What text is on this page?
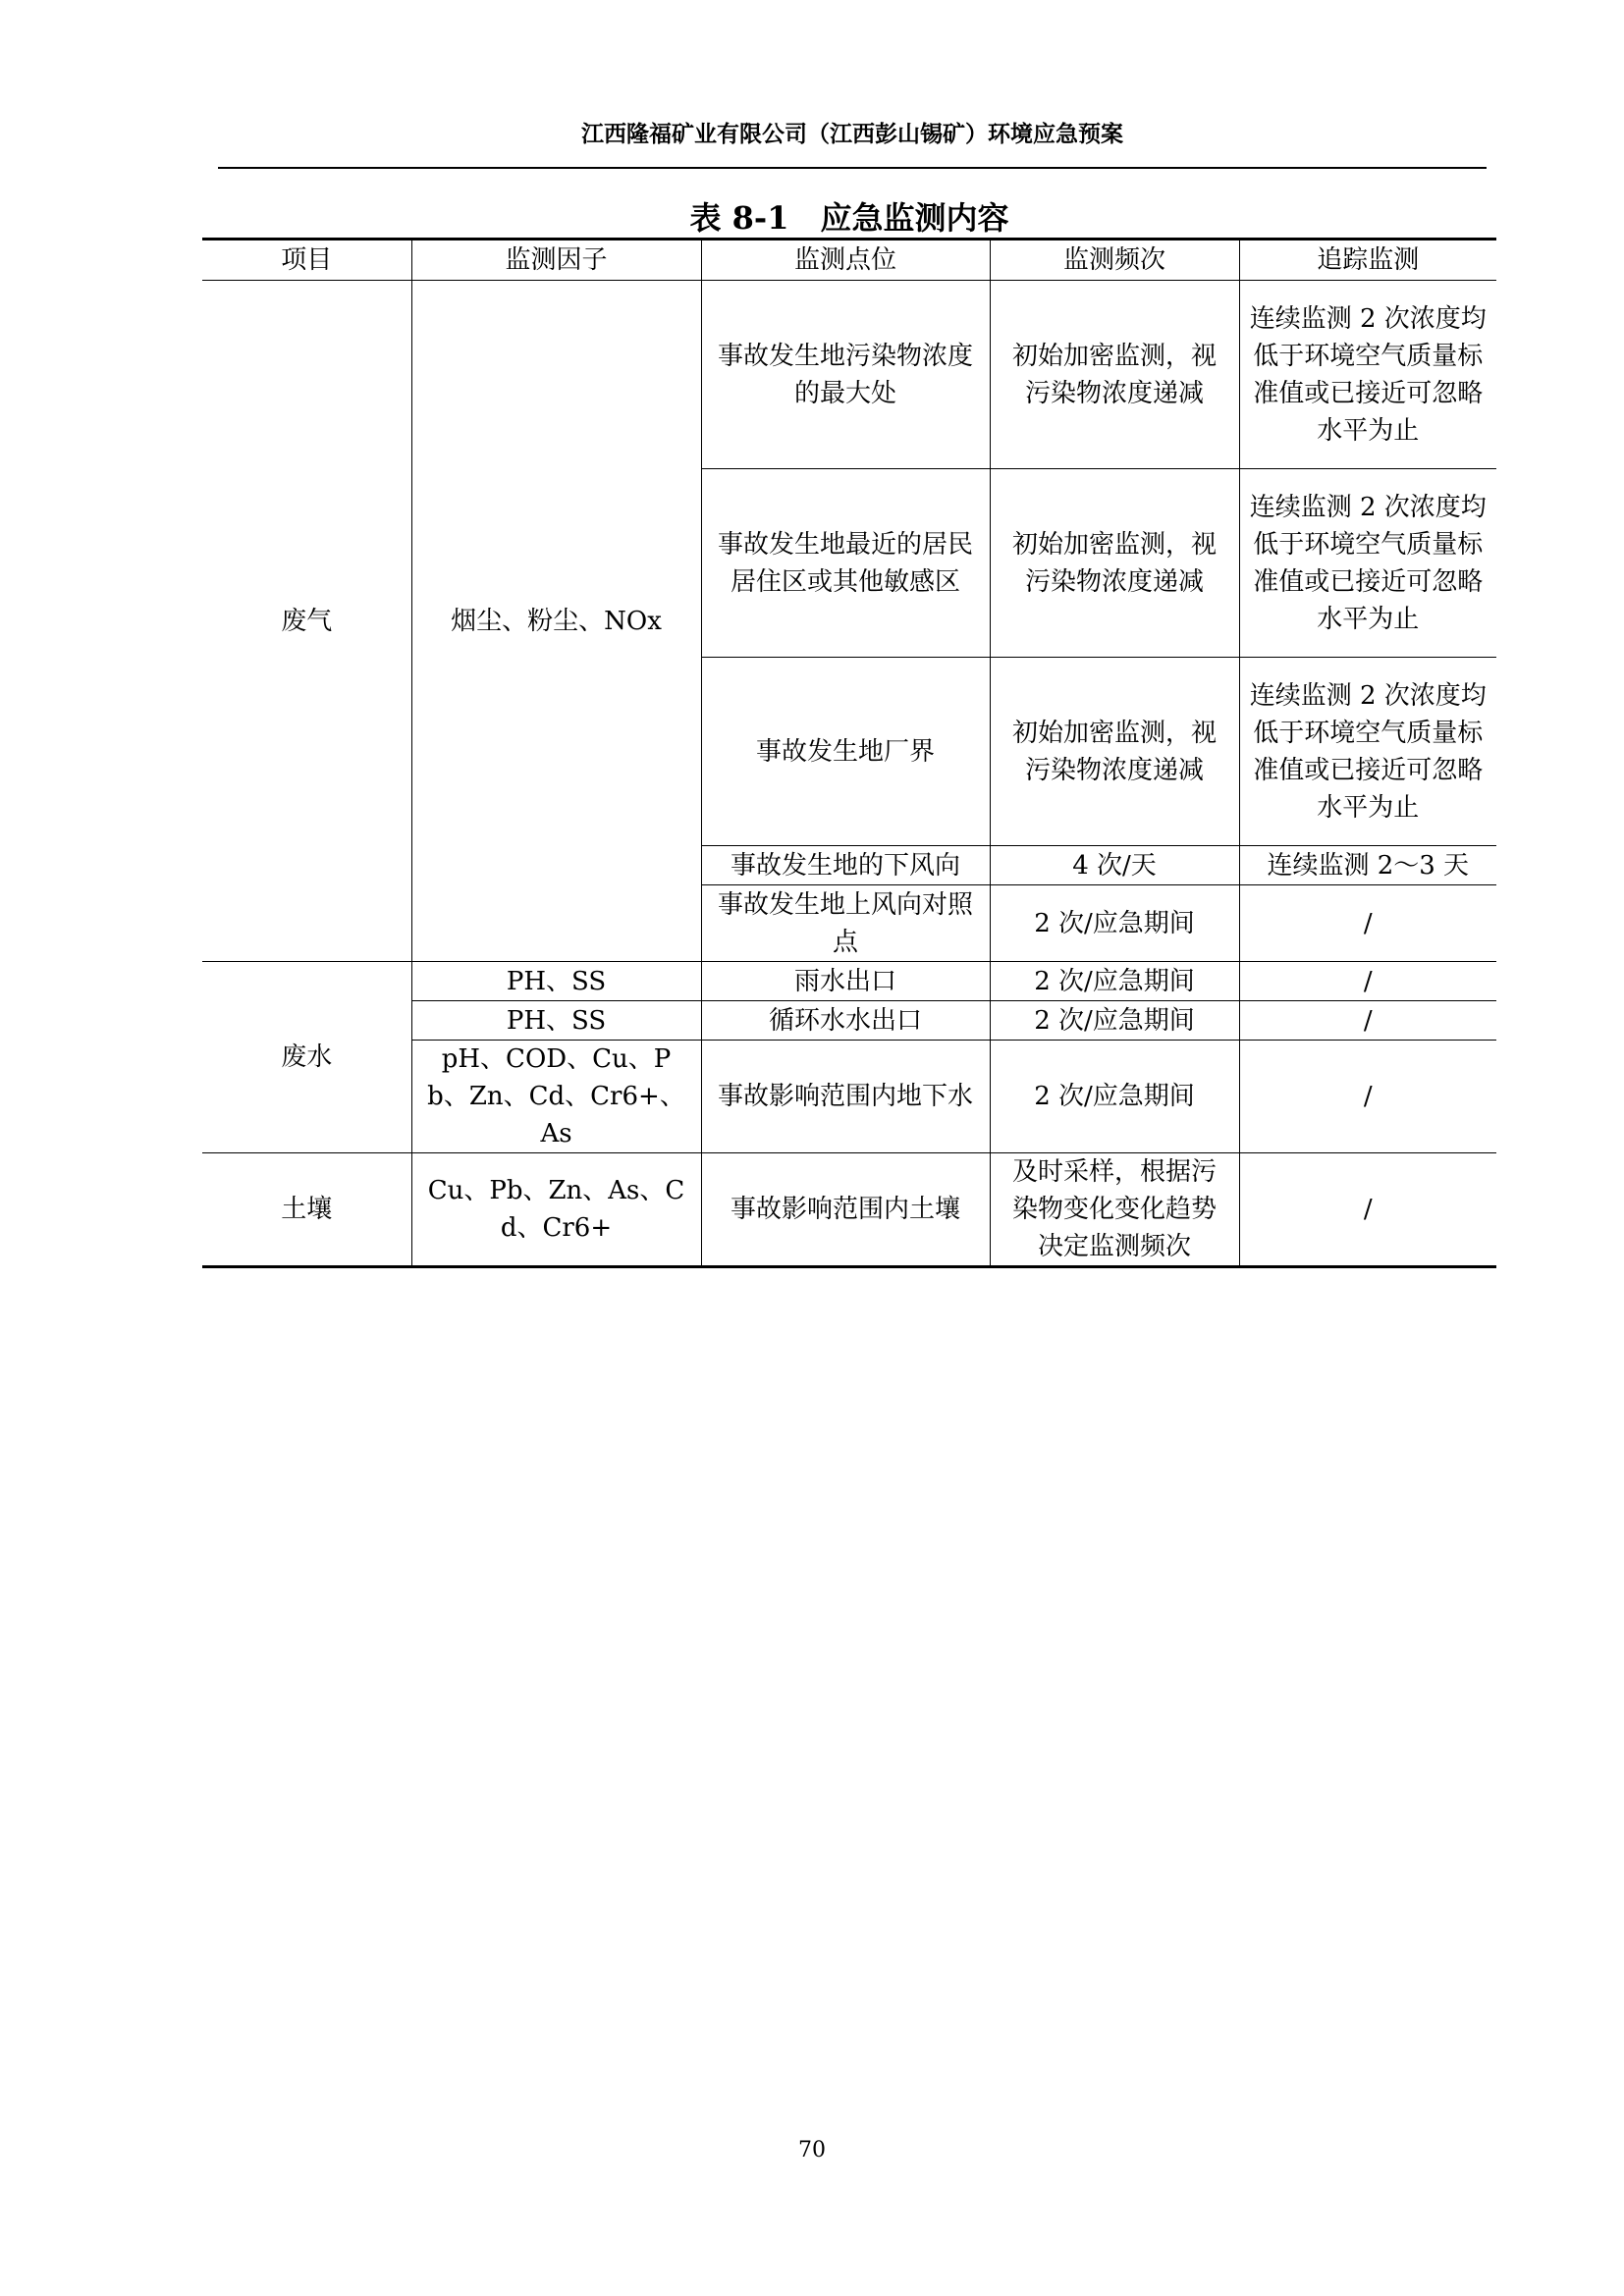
江西隆福矿业有限公司（江西彭山锡矿）环境应急预案
表 8-1　应急监测内容
项目	监测因子	监测点位	监测频次	追踪监测
废气	烟尘、粉尘、NOx	事故发生地污染物浓度的最大处	初始加密监测，视污染物浓度递减	连续监测 2 次浓度均低于环境空气质量标准值或已接近可忽略水平为止
		事故发生地最近的居民居住区或其他敏感区	初始加密监测，视污染物浓度递减	连续监测 2 次浓度均低于环境空气质量标准值或已接近可忽略水平为止
		事故发生地厂界	初始加密监测，视污染物浓度递减	连续监测 2 次浓度均低于环境空气质量标准值或已接近可忽略水平为止
		事故发生地的下风向	4 次/天	连续监测 2～3 天
		事故发生地上风向对照点	2 次/应急期间	/
废水	PH、SS	雨水出口	2 次/应急期间	/
	PH、SS	循环水水出口	2 次/应急期间	/
	pH、COD、Cu、Pb、Zn、Cd、Cr6+、As	事故影响范围内地下水	2 次/应急期间	/
土壤	Cu、Pb、Zn、As、Cd、Cr6+	事故影响范围内土壤	及时采样，根据污染物变化变化趋势决定监测频次	/
70
